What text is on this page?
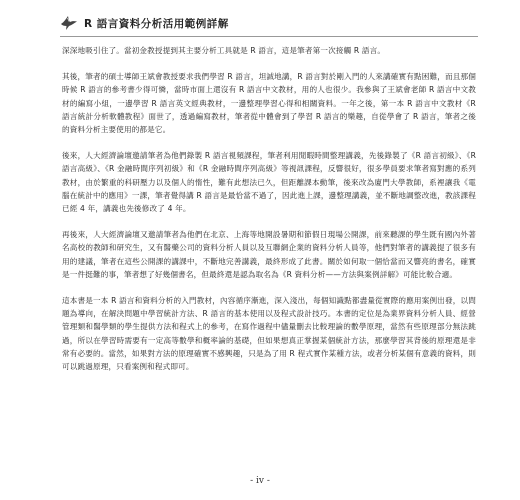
R 語言資料分析活用範例詳解

深深地吸引住了。當初金教授提到其主要分析工具就是 R 語言，這是筆者第一次接觸 R 語言。

其後，筆者的碩士導師王斌會教授要求我們學習 R 語言，坦誠地講，R 語言對於剛入門的人來講確實有點困難，而且那個時候 R 語言的參考書少得可憐，當時市面上還沒有 R 語言中文教材，用的人也很少。我參與了王斌會老師 R 語言中文教材的編寫小組，一邊學習 R 語言英文經典教材，一邊整理學習心得和相關資料。一年之後，第一本 R 語言中文教材《R 語言統計分析軟體教程》面世了，透過編寫教材，筆者從中體會到了學習 R 語言的樂趣，自從學會了 R 語言，筆者之後的資料分析主要使用的都是它。

後來，人大經濟論壇邀請筆者為他們錄製 R 語言視頻課程，筆者利用閒暇時間整理講義，先後錄製了《R 語言初級》、《R 語言高級》、《R 金融時間序列初級》和《R 金融時間序列高級》等視訊課程，反響很好，很多學員要求筆者寫對應的系列教材，由於繁重的科研壓力以及個人的惰性，難有此想法已久，但距離課本動筆，後來改為廈門大學教師，系裡讓我《電腦在統計中的應用》一課，筆者覺得講 R 語言是最恰當不過了，因此進上課，邊整理講義，並不斷地調整改進，教該課程已經 4 年，講義也先後修改了 4 年。

再後來，人大經濟論壇又邀請筆者為他們在北京、上海等地開設暑期和節假日現場公開課，前來聽課的學生既有國內外著名高校的教師和研究生，又有醫藥公司的資料分析人員以及互聯網企業的資料分析人員等，他們對筆者的講義提了很多有用的建議，筆者在這些公開課的講課中，不斷地完善講義，最終形成了此書。關於如何取一個恰當而又響亮的書名，確實是一件挺難的事，筆者想了好幾個書名，但最終還是認為取名為《R 資料分析——方法與案例詳解》可能比較合適。

這本書是一本 R 語言和資料分析的入門教材，內容循序漸進，深入淺出，每個知識點都盡量從實際的應用案例出發，以問題為導向，在解決問題中學習統計方法、R 語言的基本使用以及程式設計技巧。本書的定位是為業界資料分析人員、經營管理類和醫學類的學生提供方法和程式上的參考，在寫作過程中儘量刪去比較理論的數學原理，當然有些原理部分無法跳過，所以在學習時需要有一定高等數學和概率論的基礎，但如果想真正掌握某個統計方法，那麼學習其背後的原理還是非常有必要的。當然，如果對方法的原理確實不感興趣，只是為了用 R 程式實作某種方法，或者分析某個有意義的資料，則可以跳過原理，只看案例和程式即可。

- iv -
